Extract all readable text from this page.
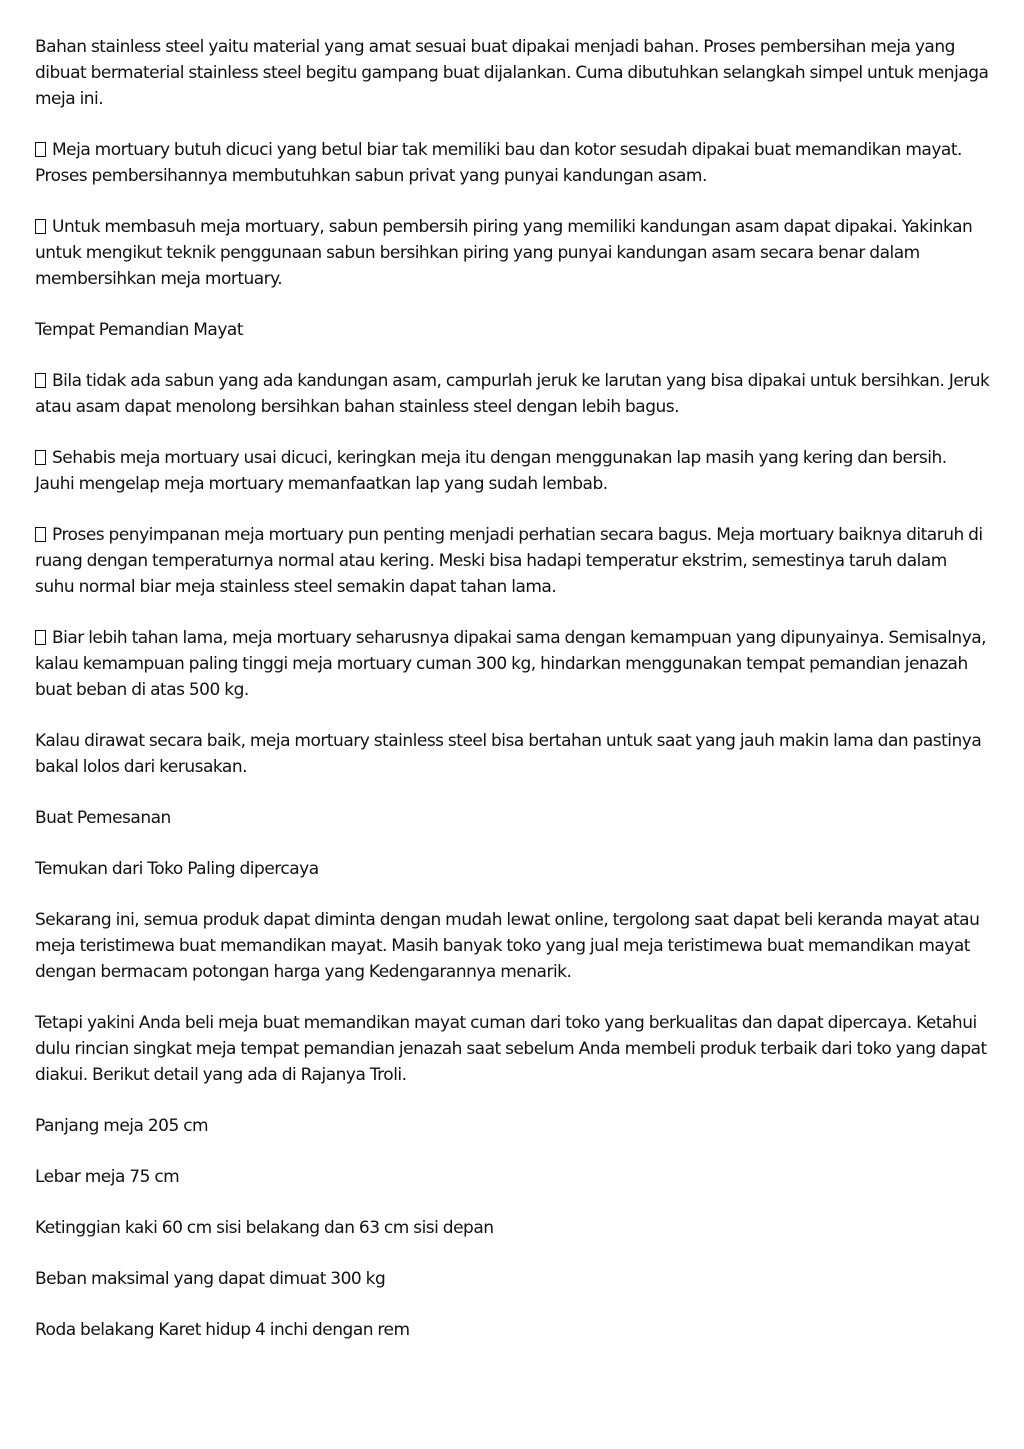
Bahan stainless steel yaitu material yang amat sesuai buat dipakai menjadi bahan. Proses pembersihan meja yang dibuat bermaterial stainless steel begitu gampang buat dijalankan. Cuma dibutuhkan selangkah simpel untuk menjaga meja ini.

Meja mortuary butuh dicuci yang betul biar tak memiliki bau dan kotor sesudah dipakai buat memandikan mayat. Proses pembersihannya membutuhkan sabun privat yang punyai kandungan asam.

Untuk membasuh meja mortuary, sabun pembersih piring yang memiliki kandungan asam dapat dipakai. Yakinkan untuk mengikut teknik penggunaan sabun bersihkan piring yang punyai kandungan asam secara benar dalam membersihkan meja mortuary.

Tempat Pemandian Mayat

Bila tidak ada sabun yang ada kandungan asam, campurlah jeruk ke larutan yang bisa dipakai untuk bersihkan. Jeruk atau asam dapat menolong bersihkan bahan stainless steel dengan lebih bagus.

Sehabis meja mortuary usai dicuci, keringkan meja itu dengan menggunakan lap masih yang kering dan bersih. Jauhi mengelap meja mortuary memanfaatkan lap yang sudah lembab.

Proses penyimpanan meja mortuary pun penting menjadi perhatian secara bagus. Meja mortuary baiknya ditaruh di ruang dengan temperaturnya normal atau kering. Meski bisa hadapi temperatur ekstrim, semestinya taruh dalam suhu normal biar meja stainless steel semakin dapat tahan lama.

Biar lebih tahan lama, meja mortuary seharusnya dipakai sama dengan kemampuan yang dipunyainya. Semisalnya, kalau kemampuan paling tinggi meja mortuary cuman 300 kg, hindarkan menggunakan tempat pemandian jenazah buat beban di atas 500 kg.

Kalau dirawat secara baik, meja mortuary stainless steel bisa bertahan untuk saat yang jauh makin lama dan pastinya bakal lolos dari kerusakan.

Buat Pemesanan

Temukan dari Toko Paling dipercaya

Sekarang ini, semua produk dapat diminta dengan mudah lewat online, tergolong saat dapat beli keranda mayat atau meja teristimewa buat memandikan mayat. Masih banyak toko yang jual meja teristimewa buat memandikan mayat dengan bermacam potongan harga yang Kedengarannya menarik.

Tetapi yakini Anda beli meja buat memandikan mayat cuman dari toko yang berkualitas dan dapat dipercaya. Ketahui dulu rincian singkat meja tempat pemandian jenazah saat sebelum Anda membeli produk terbaik dari toko yang dapat diakui. Berikut detail yang ada di Rajanya Troli.

Panjang meja 205 cm

Lebar meja 75 cm

Ketinggian kaki 60 cm sisi belakang dan 63 cm sisi depan

Beban maksimal yang dapat dimuat 300 kg

Roda belakang Karet hidup 4 inchi dengan rem
